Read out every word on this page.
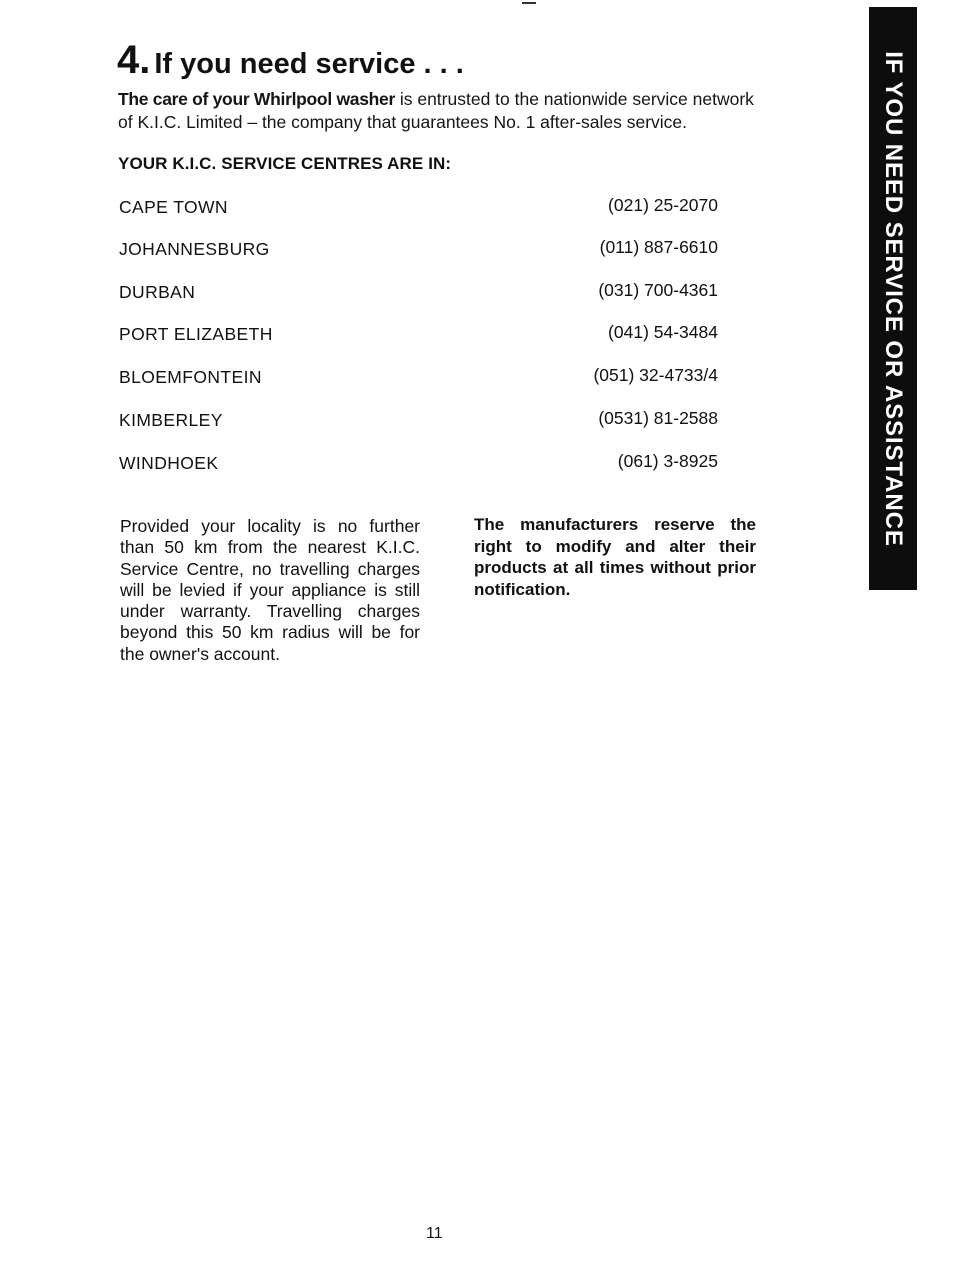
4. If you need service . . .

The care of your Whirlpool washer is entrusted to the nationwide service network
of K.I.C. Limited – the company that guarantees No. 1 after-sales service.

YOUR K.I.C. SERVICE CENTRES ARE IN:
CAPE TOWN	(021) 25-2070
JOHANNESBURG	(011) 887-6610
DURBAN	(031) 700-4361
PORT ELIZABETH	(041) 54-3484
BLOEMFONTEIN	(051) 32-4733/4
KIMBERLEY	(0531) 81-2588
WINDHOEK	(061) 3-8925

Provided your locality is no further than 50 km from the nearest K.I.C. Service Centre, no travelling charges will be levied if your appliance is still under warranty. Travelling charges beyond this 50 km radius will be for the owner's account.

The manufacturers reserve the right to modify and alter their products at all times without prior notification.

IF YOU NEED SERVICE OR ASSISTANCE
11
